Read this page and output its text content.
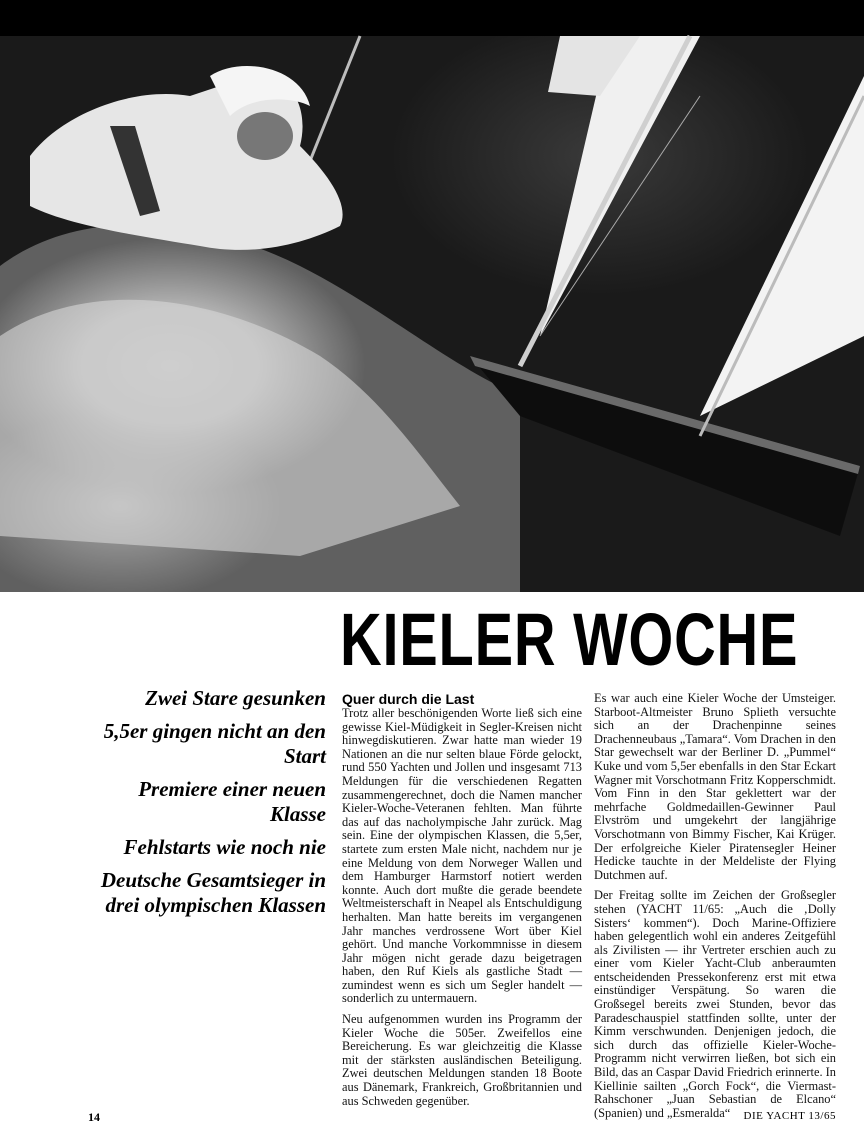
KIELER WOCHE
Zwei Stare gesunken
5,5er gingen nicht an den Start
Premiere einer neuen Klasse
Fehlstarts wie noch nie
Deutsche Gesamtsieger in drei olympischen Klassen
Quer durch die Last

Trotz aller beschönigenden Worte ließ sich eine gewisse Kiel-Müdigkeit in Segler-Kreisen nicht hinwegdiskutieren. Zwar hatte man wieder 19 Nationen an die nur selten blaue Förde gelockt, rund 550 Yachten und Jollen und insgesamt 713 Meldungen für die verschiedenen Regatten zusammengerechnet, doch die Namen mancher Kieler-Woche-Veteranen fehlten. Man führte das auf das nacholympische Jahr zurück. Mag sein. Eine der olympischen Klassen, die 5,5er, startete zum ersten Male nicht, nachdem nur je eine Meldung von dem Norweger Wallen und dem Hamburger Harmstorf notiert werden konnte. Auch dort mußte die gerade beendete Weltmeisterschaft in Neapel als Entschuldigung herhalten. Man hatte bereits im vergangenen Jahr manches verdrossene Wort über Kiel gehört. Und manche Vorkommnisse in diesem Jahr mögen nicht gerade dazu beigetragen haben, den Ruf Kiels als gastliche Stadt — zumindest wenn es sich um Segler handelt — sonderlich zu untermauern.

Neu aufgenommen wurden ins Programm der Kieler Woche die 505er. Zweifellos eine Bereicherung. Es war gleichzeitig die Klasse mit der stärksten ausländischen Beteiligung. Zwei deutschen Meldungen standen 18 Boote aus Dänemark, Frankreich, Großbritannien und aus Schweden gegenüber.

Es war auch eine Kieler Woche der Umsteiger. Starboot-Altmeister Bruno Splieth versuchte sich an der Drachenpinne seines Drachenneubaus „Tamara“. Vom Drachen in den Star gewechselt war der Berliner D. „Pummel“ Kuke und vom 5,5er ebenfalls in den Star Eckart Wagner mit Vorschotmann Fritz Kopperschmidt. Vom Finn in den Star geklettert war der mehrfache Goldmedaillen-Gewinner Paul Elvström und umgekehrt der langjährige Vorschotmann von Bimmy Fischer, Kai Krüger. Der erfolgreiche Kieler Piratensegler Heiner Hedicke tauchte in der Meldeliste der Flying Dutchmen auf.

Der Freitag sollte im Zeichen der Großsegler stehen (YACHT 11/65: „Auch die ‚Dolly Sisters‘ kommen“). Doch Marine-Offiziere haben gelegentlich wohl ein anderes Zeitgefühl als Zivilisten — ihr Vertreter erschien auch zu einer vom Kieler Yacht-Club anberaumten entscheidenden Pressekonferenz erst mit etwa einstündiger Verspätung. So waren die Großsegel bereits zwei Stunden, bevor das Paradeschauspiel stattfinden sollte, unter der Kimm verschwunden. Denjenigen jedoch, die sich durch das offizielle Kieler-Woche-Programm nicht verwirren ließen, bot sich ein Bild, das an Caspar David Friedrich erinnerte. In Kiellinie sailten „Gorch Fock“, die Viermast-Rahschoner „Juan Sebastian de Elcano“ (Spanien) und „Esmeralda“

14	DIE YACHT 13/65
